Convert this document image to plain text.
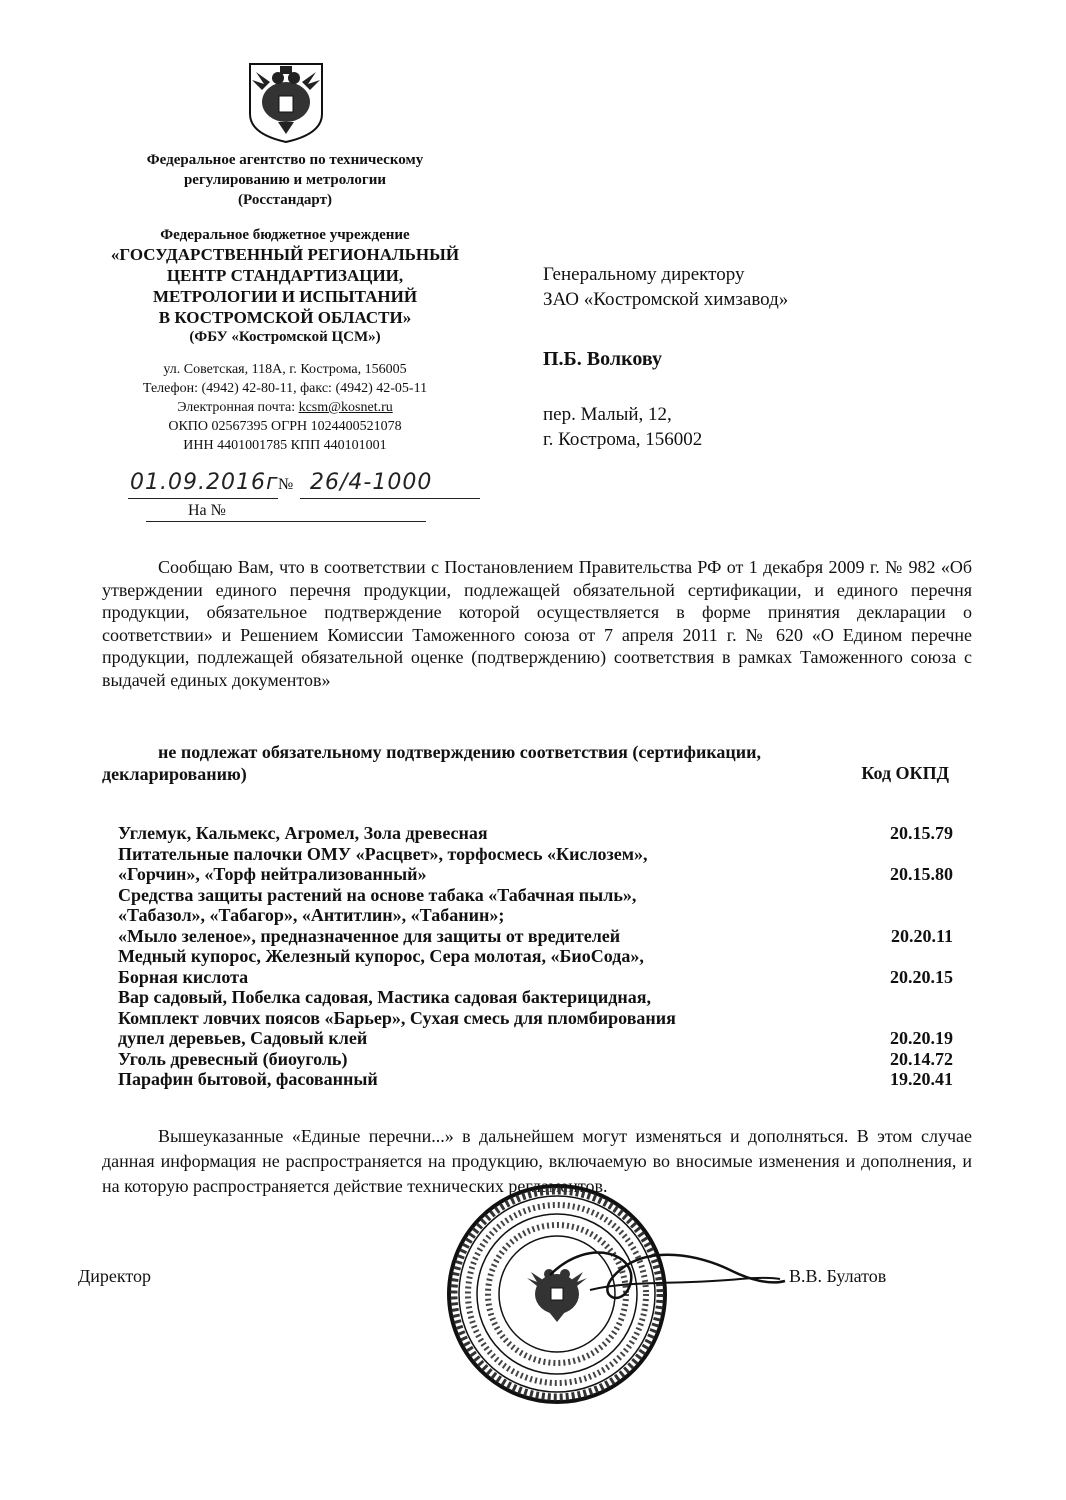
Федеральное агентство по техническому
регулированию и метрологии
(Росстандарт)
Федеральное бюджетное учреждение
«ГОСУДАРСТВЕННЫЙ РЕГИОНАЛЬНЫЙ
ЦЕНТР СТАНДАРТИЗАЦИИ,
МЕТРОЛОГИИ И ИСПЫТАНИЙ
В КОСТРОМСКОЙ ОБЛАСТИ»
(ФБУ «Костромской ЦСМ»)
ул. Советская, 118А, г. Кострома, 156005
Телефон: (4942) 42-80-11, факс: (4942) 42-05-11
Электронная почта: kcsm@kosnet.ru
ОКПО 02567395 ОГРН 1024400521078
ИНН 4401001785 КПП 440101001
01.09.2016г № 26/4-1000
На №
Генеральному директору
ЗАО «Костромской химзавод»
П.Б. Волкову
пер. Малый, 12,
г. Кострома, 156002

Сообщаю Вам, что в соответствии с Постановлением Правительства РФ от 1 декабря 2009 г. № 982 «Об утверждении единого перечня продукции, подлежащей обязательной сертификации, и единого перечня продукции, обязательное подтверждение которой осуществляется в форме принятия декларации о соответствии» и Решением Комиссии Таможенного союза от 7 апреля 2011 г. № 620 «О Едином перечне продукции, подлежащей обязательной оценке (подтверждению) соответствия в рамках Таможенного союза с выдачей единых документов»

не подлежат обязательному подтверждению соответствия (сертификации,
декларированию)	Код ОКПД
Углемук, Кальмекс, Агромел, Зола древесная	20.15.79
Питательные палочки ОМУ «Расцвет», торфосмесь «Кислозем»,
«Горчин», «Торф нейтрализованный»	20.15.80
Средства защиты растений на основе табака «Табачная пыль»,
«Табазол», «Табагор», «Антитлин», «Табанин»;
«Мыло зеленое», предназначенное для защиты от вредителей	20.20.11
Медный купорос, Железный купорос, Сера молотая, «БиоСода»,
Борная кислота	20.20.15
Вар садовый, Побелка садовая, Мастика садовая бактерицидная,
Комплект ловчих поясов «Барьер», Сухая смесь для пломбирования
дупел деревьев, Садовый клей	20.20.19
Уголь древесный (биоуголь)	20.14.72
Парафин бытовой, фасованный	19.20.41

Вышеуказанные «Единые перечни...» в дальнейшем могут изменяться и дополняться. В этом случае данная информация не распространяется на продукцию, включаемую во вносимые изменения и дополнения, и на которую распространяется действие технических регламентов.

Директор	В.В. Булатов
